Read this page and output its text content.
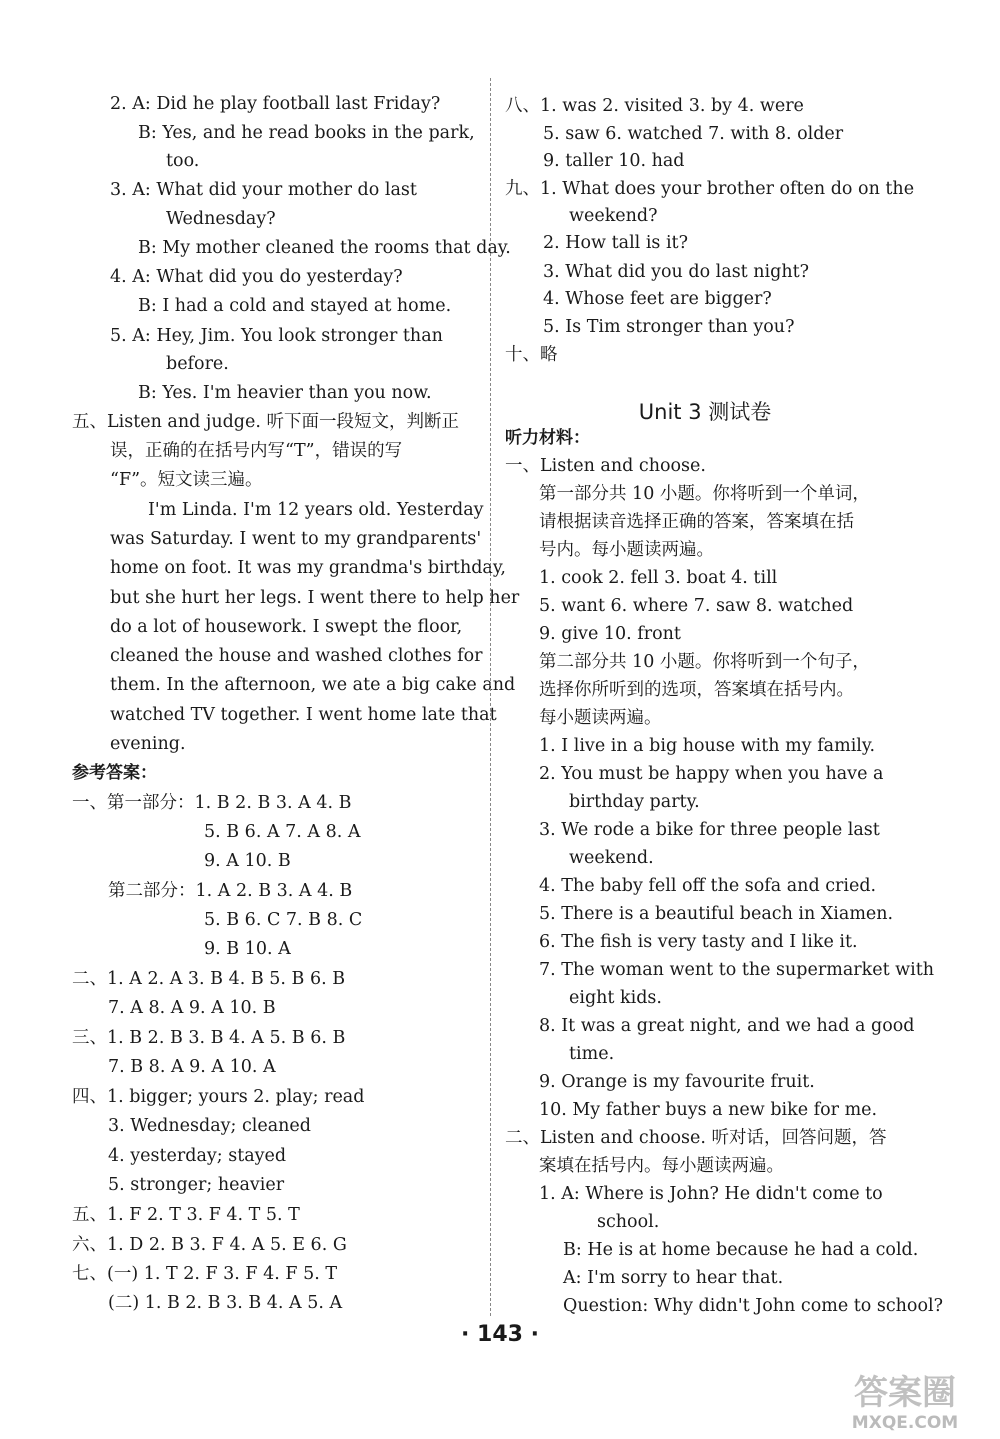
2. A: Did he play football last Friday?
B: Yes, and he read books in the park,
too.
3. A: What did your mother do last
Wednesday?
B: My mother cleaned the rooms that day.
4. A: What did you do yesterday?
B: I had a cold and stayed at home.
5. A: Hey, Jim. You look stronger than
before.
B: Yes. I'm heavier than you now.
五、Listen and judge. 听下面一段短文，判断正
误，正确的在括号内写“T”，错误的写
“F”。短文读三遍。
I'm Linda. I'm 12 years old. Yesterday
was Saturday. I went to my grandparents'
home on foot. It was my grandma's birthday,
but she hurt her legs. I went there to help her
do a lot of housework. I swept the floor,
cleaned the house and washed clothes for
them. In the afternoon, we ate a big cake and
watched TV together. I went home late that
evening.
参考答案：
一、第一部分：1. B 2. B 3. A 4. B
5. B 6. A 7. A 8. A
9. A 10. B
第二部分：1. A 2. B 3. A 4. B
5. B 6. C 7. B 8. C
9. B 10. A
二、1. A 2. A 3. B 4. B 5. B 6. B
7. A 8. A 9. A 10. B
三、1. B 2. B 3. B 4. A 5. B 6. B
7. B 8. A 9. A 10. A
四、1. bigger; yours 2. play; read
3. Wednesday; cleaned
4. yesterday; stayed
5. stronger; heavier
五、1. F 2. T 3. F 4. T 5. T
六、1. D 2. B 3. F 4. A 5. E 6. G
七、(一) 1. T 2. F 3. F 4. F 5. T
(二) 1. B 2. B 3. B 4. A 5. A
Unit 3 测试卷
八、1. was 2. visited 3. by 4. were
5. saw 6. watched 7. with 8. older
9. taller 10. had
九、1. What does your brother often do on the
weekend?
2. How tall is it?
3. What did you do last night?
4. Whose feet are bigger?
5. Is Tim stronger than you?
十、略
听力材料：
一、Listen and choose.
第一部分共 10 小题。你将听到一个单词，
请根据读音选择正确的答案，答案填在括
号内。每小题读两遍。
1. cook 2. fell 3. boat 4. till
5. want 6. where 7. saw 8. watched
9. give 10. front
第二部分共 10 小题。你将听到一个句子，
选择你所听到的选项，答案填在括号内。
每小题读两遍。
1. I live in a big house with my family.
2. You must be happy when you have a
birthday party.
3. We rode a bike for three people last
weekend.
4. The baby fell off the sofa and cried.
5. There is a beautiful beach in Xiamen.
6. The fish is very tasty and I like it.
7. The woman went to the supermarket with
eight kids.
8. It was a great night, and we had a good
time.
9. Orange is my favourite fruit.
10. My father buys a new bike for me.
二、Listen and choose. 听对话，回答问题，答
案填在括号内。每小题读两遍。
1. A: Where is John? He didn't come to
school.
B: He is at home because he had a cold.
A: I'm sorry to hear that.
Question: Why didn't John come to school?
· 143 ·
答案圈
MXQE.COM
